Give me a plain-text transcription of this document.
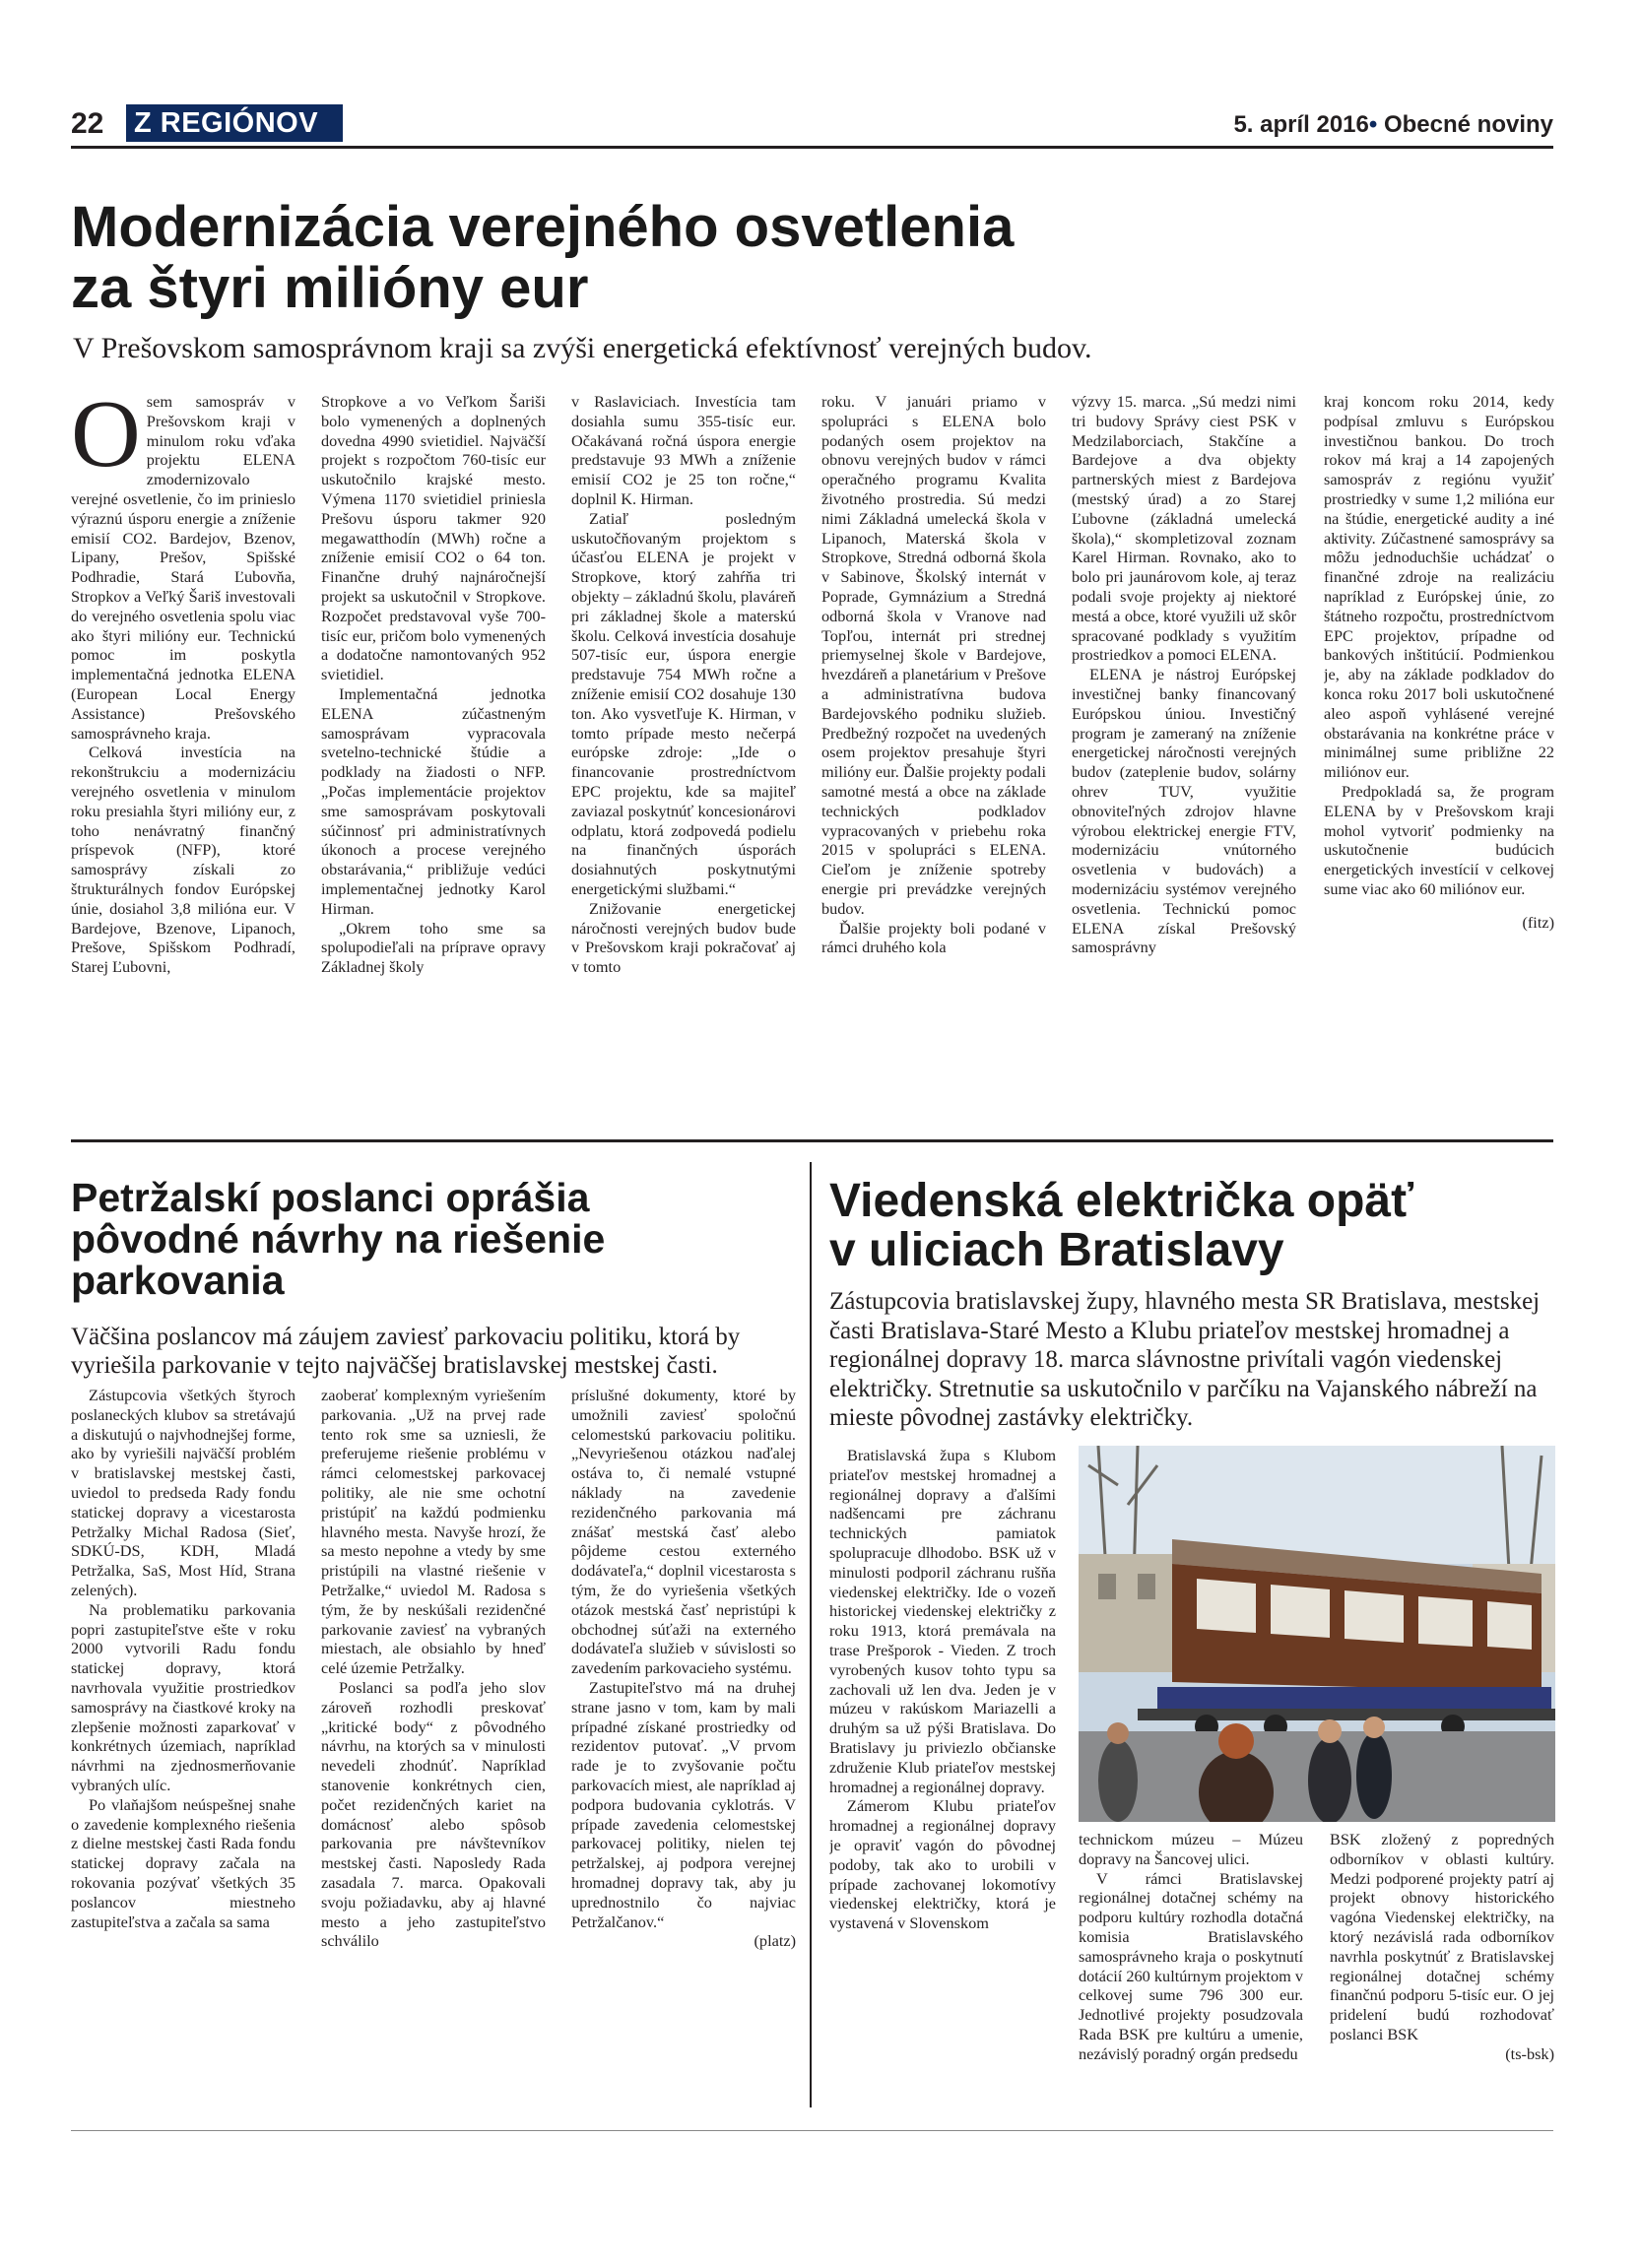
22 Z REGIÓNOV	5. apríl 2016• Obecné noviny
Modernizácia verejného osvetlenia
za štyri milióny eur
V Prešovskom samosprávnom kraji sa zvýši energetická efektívnosť verejných budov.
O sem samospráv v Prešovskom kraji v minulom roku vďaka projektu ELENA zmodernizovalo verejné osvetlenie, čo im prinieslo výraznú úsporu energie a zníženie emisií CO2. Bardejov, Bzenov, Lipany, Prešov, Spišské Podhradie, Stará Ľubovňa, Stropkov a Veľký Šariš investovali do verejného osvetlenia spolu viac ako štyri milióny eur. Technickú pomoc im poskytla implementačná jednotka ELENA (European Local Energy Assistance) Prešovského samosprávneho kraja.

Celková investícia na rekonštrukciu a modernizáciu verejného osvetlenia v minulom roku presiahla štyri milióny eur, z toho nenávratný finančný príspevok (NFP), ktoré samosprávy získali zo štrukturálnych fondov Európskej únie, dosiahol 3,8 milióna eur. V Bardejove, Bzenove, Lipanoch, Prešove, Spišskom Podhradí, Starej Ľubovni,

Stropkove a vo Veľkom Šariši bolo vymenených a doplnených dovedna 4990 svietidiel. Najväčší projekt s rozpočtom 760-tisíc eur uskutočnilo krajské mesto. Výmena 1170 svietidiel priniesla Prešovu úsporu takmer 920 megawatthodín (MWh) ročne a zníženie emisií CO2 o 64 ton. Finančne druhý najnáročnejší projekt sa uskutočnil v Stropkove. Rozpočet predstavoval vyše 700-tisíc eur, pričom bolo vymenených a dodatočne namontovaných 952 svietidiel.

Implementačná jednotka ELENA zúčastneným samosprávam vypracovala svetelno-technické štúdie a podklady na žiadosti o NFP. „Počas implementácie projektov sme samosprávam poskytovali súčinnosť pri administratívnych úkonoch a procese verejného obstarávania,“ približuje vedúci implementačnej jednotky Karol Hirman.

„Okrem toho sme sa spolupodieľali na prípravе opravy Základnej školy

v Raslaviciach. Investícia tam dosiahla sumu 355-tisíc eur. Očakávaná ročná úspora energie predstavuje 93 MWh a zníženie emisií CO2 je 25 ton ročne,“ doplnil K. Hirman.

Zatiaľ posledným uskutočňovaným projektom s účasťou ELENA je projekt v Stropkove, ktorý zahŕňa tri objekty – základnú školu, plaváreň pri základnej škole a materskú školu. Celková investícia dosahuje 507-tisíc eur, úspora energie predstavuje 754 MWh ročne a zníženie emisií CO2 dosahuje 130 ton. Ako vysvetľuje K. Hirman, v tomto prípade mesto nečerpá európske zdroje: „Ide o financovanie prostredníctvom EPC projektu, kde sa majiteľ zaviazal poskytnúť koncesionárovi odplatu, ktorá zodpovedá podielu na finančných úsporách dosiahnutých poskytnutými energetickými službami.“

Znižovanie energetickej náročnosti verejných budov bude v Prešovskom kraji pokračovať aj v tomto

roku. V januári priamo v spolupráci s ELENA bolo podaných osem projektov na obnovu verejných budov v rámci operačného programu Kvalita životného prostredia. Sú medzi nimi Základná umelecká škola v Lipanoch, Materská škola v Stropkove, Stredná odborná škola v Sabinove, Školský internát v Poprade, Gymnázium a Stredná odborná škola v Vranove nad Topľou, internát pri strednej priemyselnej škole v Bardejove, hvezdáreň a planetárium v Prešove a administratívna budova Bardejovského podniku služieb. Predbežný rozpočet na uvedených osem projektov presahuje štyri milióny eur. Ďalšie projekty podali samotné mestá a obce na základe technických podkladov vypracovaných v priebehu roka 2015 v spolupráci s ELENA. Cieľom je zníženie spotreby energie pri prevádzke verejných budov.

Ďalšie projekty boli podané v rámci druhého kola

výzvy 15. marca. „Sú medzi nimi tri budovy Správy ciest PSK v Medzilaborciach, Stakčíne a Bardejove a dva objekty partnerských miest z Bardejova (mestský úrad) a zo Starej Ľubovne (základná umelecká škola),“ skompletizoval zoznam Karel Hirman. Rovnako, ako to bolo pri jaunárovom kole, aj teraz podali svoje projekty aj niektoré mestá a obce, ktoré využili už skôr spracované podklady s využitím prostriedkov a pomoci ELENA.

ELENA je nástroj Európskej investičnej banky financovaný Európskou úniou. Investičný program je zameraný na zníženie energetickej náročnosti verejných budov (zateplenie budov, solárny ohrev TUV, využitie obnoviteľných zdrojov hlavne výrobou elektrickej energie FTV, modernizáciu vnútorného osvetlenia v budovách) a modernizáciu systémov verejného osvetlenia. Technickú pomoc ELENA získal Prešovský samosprávny

kraj koncom roku 2014, kedy podpísal zmluvu s Európskou investičnou bankou. Do troch rokov má kraj a 14 zapojených samospráv z regiónu využiť prostriedky v sume 1,2 milióna eur na štúdie, energetické audity a iné aktivity. Zúčastnené samosprávy sa môžu jednoduchšie uchádzať o finančné zdroje na realizáciu napríklad z Európskej únie, zo štátneho rozpočtu, prostredníctvom EPC projektov, prípadne od bankových inštitúcií. Podmienkou je, aby na základe podkladov do konca roku 2017 boli uskutočnené aleo aspoň vyhlásené verejné obstarávania na konkrétne práce v minimálnej sume približne 22 miliónov eur.

Predpokladá sa, že program ELENA by v Prešovskom kraji mohol vytvoriť podmienky na uskutočnenie budúcich energetických investícií v celkovej sume viac ako 60 miliónov eur.

(fitz)

Petržalskí poslanci oprášia
pôvodné návrhy na riešenie
parkovania
Väčšina poslancov má záujem zaviesť parkovaciu politiku, ktorá by vyriešila parkovanie v tejto najväčšej bratislavskej mestskej časti.

Zástupcovia všetkých štyroch poslaneckých klubov sa stretávajú a diskutujú o najvhodnejšej forme, ako by vyriešili najväčší problém v bratislavskej mestskej časti, uviedol to predseda Rady fondu statickej dopravy a vicestarosta Petržalky Michal Radosa (Sieť, SDKÚ-DS, KDH, Mladá Petržalka, SaS, Most Híd, Strana zelených).

Na problematiku parkovania popri zastupiteľstve ešte v roku 2000 vytvorili Radu fondu statickej dopravy, ktorá navrhovala využitie prostriedkov samosprávy na čiastkové kroky na zlepšenie možnosti zaparkovať v konkrétnych územiach, napríklad návrhmi na zjednosmerňovanie vybraných ulíc.

Po vlaňajšom neúspešnej snahe o zavedenie komplexného riešenia z dielne mestskej časti Rada fondu statickej dopravy začala na rokovania pozývať všetkých 35 poslancov miestneho zastupiteľstva a začala sa sama

zaoberať komplexným vyriešením parkovania. „Už na prvej rade tento rok sme sa uzniesli, že preferujeme riešenie problému v rámci celomestskej parkovacej politiky, ale nie sme ochotní pristúpiť na každú podmienku hlavného mesta. Navyše hrozí, že sa mesto nepohne a vtedy by sme pristúpili na vlastné riešenie v Petržalke,“ uviedol M. Radosa s tým, že by neskúšali rezidenčné parkovanie zaviesť na vybraných miestach, ale obsiahlo by hneď celé územie Petržalky.

Poslanci sa podľa jeho slov zároveň rozhodli preskovať „kritické body“ z pôvodného návrhu, na ktorých sa v minulosti nevedeli zhodnúť. Napríklad stanovenie konkrétnych cien, počet rezidenčných kariet na domácnosť alebo spôsob parkovania pre návštevníkov mestskej časti. Naposledy Rada zasadala 7. marca. Opakovali svoju požiadavku, aby aj hlavné mesto a jeho zastupiteľstvo schválilo

príslušné dokumenty, ktoré by umožnili zaviesť spoločnú celomestskú parkovaciu politiku. „Nevyriešenou otázkou naďalej ostáva to, či nemalé vstupné náklady na zavedenie rezidenčného parkovania má znášať mestská časť alebo pôjdeme cestou externého dodávateľa,“ doplnil vicestarosta s tým, že do vyriešenia všetkých otázok mestská časť nepristúpi k obchodnej súťaži na externého dodávateľa služieb v súvislosti so zavedením parkovacieho systému.

Zastupiteľstvo má na druhej strane jasno v tom, kam by mali prípadné získané prostriedky od rezidentov putovať. „V prvom rade je to zvyšovanie počtu parkovacích miest, ale napríklad aj podpora budovania cyklotrás. V prípade zavedenia celomestskej parkovacej politiky, nielen tej petržalskej, aj podpora verejnej hromadnej dopravy tak, aby ju uprednostnilo čo najviac Petržalčanov.“

(platz)

Viedenská električka opäť
v uliciach Bratislavy
Zástupcovia bratislavskej župy, hlavného mesta SR Bratislava, mestskej časti Bratislava-Staré Mesto a Klubu priateľov mestskej hromadnej a regionálnej dopravy 18. marca slávnostne privítali vagón viedenskej električky. Stretnutie sa uskutočnilo v parčíku na Vajanského nábreží na mieste pôvodnej zastávky električky.

Bratislavská župa s Klubom priateľov mestskej hromadnej a regionálnej dopravy a ďalšími nadšencami pre záchranu technických pamiatok spolupracuje dlhodobo. BSK už v minulosti podporil záchranu rušňa viedenskej električky. Ide o vozeň historickej viedenskej električky z roku 1913, ktorá premávala na trase Prešporok - Vieden. Z troch vyrobených kusov tohto typu sa zachovali už len dva. Jeden je v múzeu v rakúskom Mariazelli a druhým sa už pýši Bratislava. Do Bratislavy ju priviezlo občianske združenie Klub priateľov mestskej hromadnej a regionálnej dopravy.

Zámerom Klubu priateľov hromadnej a regionálnej dopravy je opraviť vagón do pôvodnej podoby, tak ako to urobili v prípade zachovanej lokomotívy viedenskej električky, ktorá je vystavená v Slovenskom

technickom múzeu – Múzeu dopravy na Šancovej ulici.

V rámci Bratislavskej regionálnej dotačnej schémy na podporu kultúry rozhodla dotačná komisia Bratislavského samosprávneho kraja o poskytnutí dotácií 260 kultúrnym projektom v celkovej sume 796 300 eur. Jednotlivé projekty posudzovala Rada BSK pre kultúru a umenie, nezávislý poradný orgán predsedu

BSK zložený z popredných odborníkov v oblasti kultúry. Medzi podporené projekty patrí aj projekt obnovy historického vagóna Viedenskej električky, na ktorý nezávislá rada odborníkov navrhla poskytnúť z Bratislavskej regionálnej dotačnej schémy finančnú podporu 5-tisíc eur. O jej pridelení budú rozhodovať poslanci BSK

(ts-bsk)
